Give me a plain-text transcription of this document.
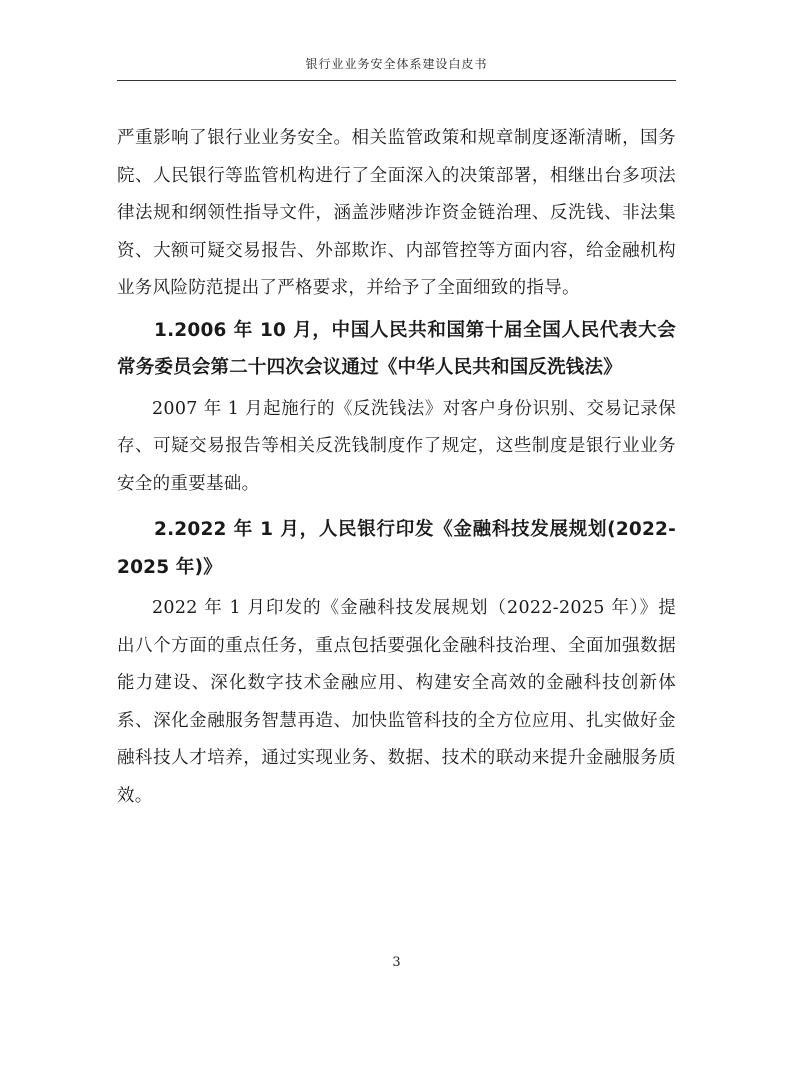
银行业业务安全体系建设白皮书

严重影响了银行业业务安全。相关监管政策和规章制度逐渐清晰，国务院、人民银行等监管机构进行了全面深入的决策部署，相继出台多项法律法规和纲领性指导文件，涵盖涉赌涉诈资金链治理、反洗钱、非法集资、大额可疑交易报告、外部欺诈、内部管控等方面内容，给金融机构业务风险防范提出了严格要求，并给予了全面细致的指导。

1.2006 年 10 月，中国人民共和国第十届全国人民代表大会常务委员会第二十四次会议通过《中华人民共和国反洗钱法》

2007 年 1 月起施行的《反洗钱法》对客户身份识别、交易记录保存、可疑交易报告等相关反洗钱制度作了规定，这些制度是银行业业务安全的重要基础。

2.2022 年 1 月，人民银行印发《金融科技发展规划(2022-2025 年)》

2022 年 1 月印发的《金融科技发展规划（2022-2025 年）》提出八个方面的重点任务，重点包括要强化金融科技治理、全面加强数据能力建设、深化数字技术金融应用、构建安全高效的金融科技创新体系、深化金融服务智慧再造、加快监管科技的全方位应用、扎实做好金融科技人才培养，通过实现业务、数据、技术的联动来提升金融服务质效。

3
